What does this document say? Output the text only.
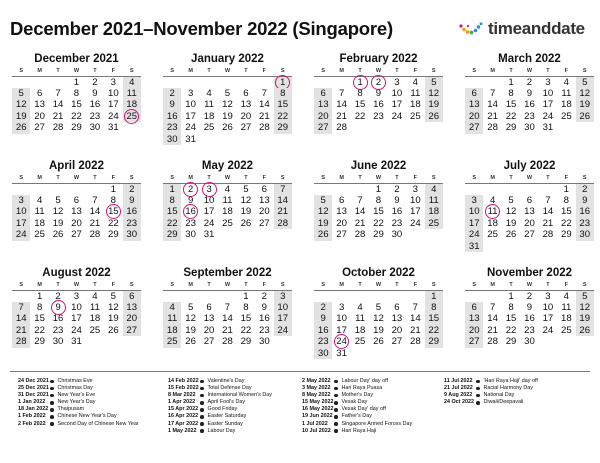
December 2021–November 2022 (Singapore)	timeanddate
December 2021
S	M	T	W	T	F	S
			1	2	3	4
5	6	7	8	9	10	11
12	13	14	15	16	17	18
19	20	21	22	23	24	25
26	27	28	29	30	31	
January 2022
S	M	T	W	T	F	S
						1
2	3	4	5	6	7	8
9	10	11	12	13	14	15
16	17	18	19	20	21	22
23	24	25	26	27	28	29
30	31					
February 2022
S	M	T	W	T	F	S
		1	2	3	4	5
6	7	8	9	10	11	12
13	14	15	16	17	18	19
20	21	22	23	24	25	26
27	28					
March 2022
S	M	T	W	T	F	S
		1	2	3	4	5
6	7	8	9	10	11	12
13	14	15	16	17	18	19
20	21	22	23	24	25	26
27	28	29	30	31		
April 2022
S	M	T	W	T	F	S
					1	2
3	4	5	6	7	8	9
10	11	12	13	14	15	16
17	18	19	20	21	22	23
24	25	26	27	28	29	30
May 2022
S	M	T	W	T	F	S
1	2	3	4	5	6	7
8	9	10	11	12	13	14
15	16	17	18	19	20	21
22	23	24	25	26	27	28
29	30	31				
June 2022
S	M	T	W	T	F	S
			1	2	3	4
5	6	7	8	9	10	11
12	13	14	15	16	17	18
19	20	21	22	23	24	25
26	27	28	29	30		
July 2022
S	M	T	W	T	F	S
					1	2
3	4	5	6	7	8	9
10	11	12	13	14	15	16
17	18	19	20	21	22	23
24	25	26	27	28	29	30
31						
August 2022
S	M	T	W	T	F	S
	1	2	3	4	5	6
7	8	9	10	11	12	13
14	15	16	17	18	19	20
21	22	23	24	25	26	27
28	29	30	31			
September 2022
S	M	T	W	T	F	S
				1	2	3
4	5	6	7	8	9	10
11	12	13	14	15	16	17
18	19	20	21	22	23	24
25	26	27	28	29	30	
October 2022
S	M	T	W	T	F	S
						1
2	3	4	5	6	7	8
9	10	11	12	13	14	15
16	17	18	19	20	21	22
23	24	25	26	27	28	29
30	31					
November 2022
S	M	T	W	T	F	S
		1	2	3	4	5
6	7	8	9	10	11	12
13	14	15	16	17	18	19
20	21	22	23	24	25	26
27	28	29	30			
24 Dec 2021 Christmas Eve
25 Dec 2021 Christmas Day
31 Dec 2021 New Year's Eve
1 Jan 2022	New Year's Day
18 Jan 2022 Thaipusam
1 Feb 2022	Chinese New Year's Day
2 Feb 2022	Second Day of Chinese New Year
14 Feb 2022 Valentine's Day
15 Feb 2022 Total Defense Day
8 Mar 2022	International Women's Day
1 Apr 2022	April Fool's Day
15 Apr 2022 Good Friday
16 Apr 2022 Easter Saturday
17 Apr 2022 Easter Sunday
1 May 2022 Labour Day
2 May 2022 Labour Day' day off
3 May 2022 Hari Raya Puasa
8 May 2022 Mother's Day
15 May 2022 Vesak Day
16 May 2022 Vesak Day' day off
19 Jun 2022 Father's Day
1 Jul 2022	Singapore Armed Forces Day
10 Jul 2022 Hari Raya Haji
11 Jul 2022 'Hari Raya Haji' day off
21 Jul 2022 Racial Harmony Day
9 Aug 2022	National Day
24 Oct 2022 Diwali/Deepavali
